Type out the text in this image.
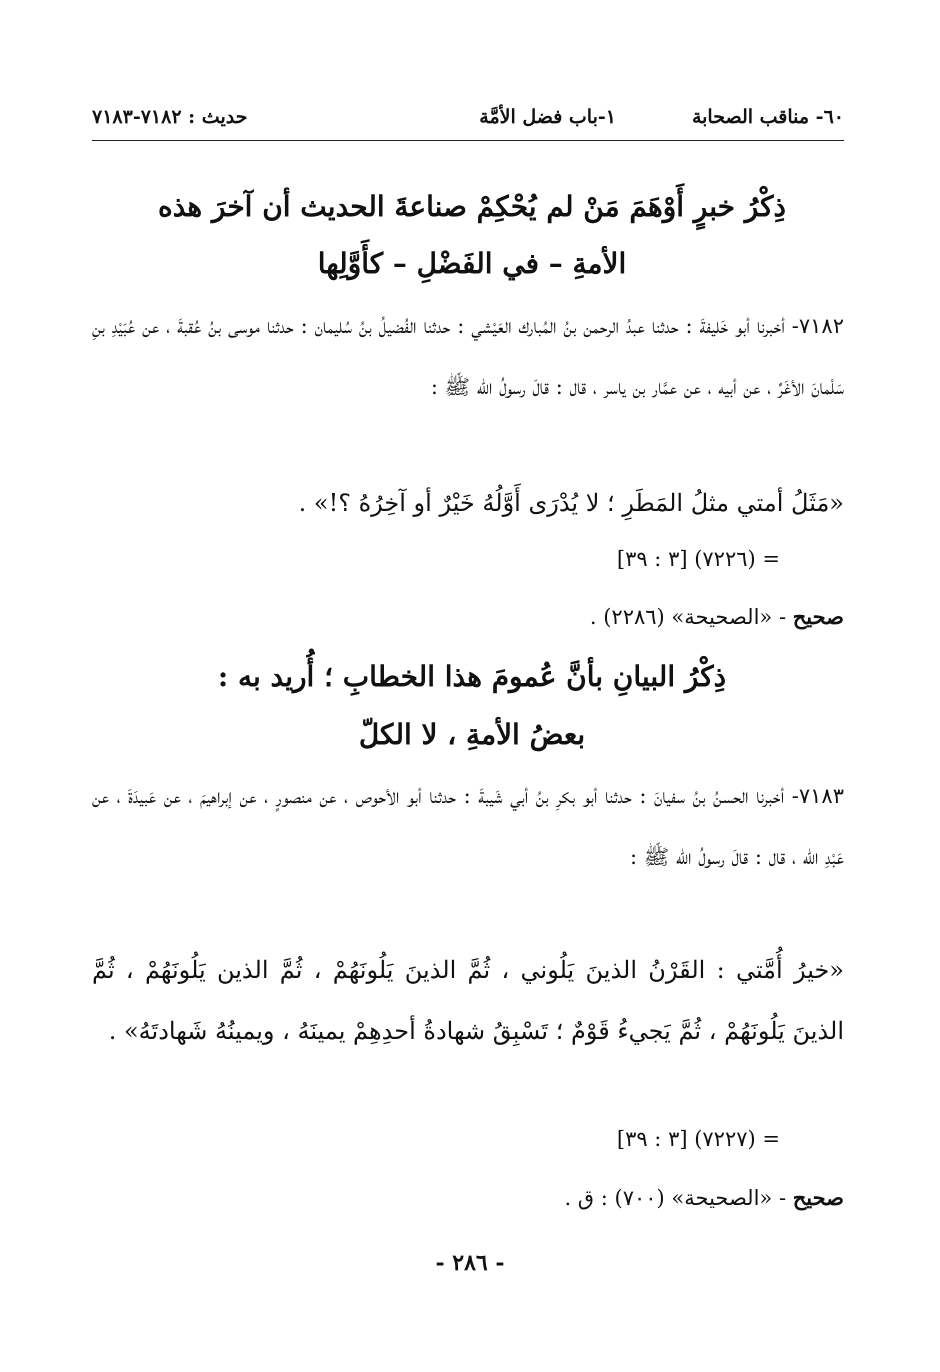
٦٠- مناقب الصحابة
١-باب فضل الأمَّة
حديث : ٧١٨٢-٧١٨٣
ذِكْرُ خبرٍ أَوْهَمَ مَنْ لم يُحْكِمْ صناعةَ الحديث أن آخرَ هذه
الأمةِ – في الفَضْلِ – كأَوَّلِها
٧١٨٢- أخبرنا أبو خَليفةَ : حدثنا عبدُ الرحمن بنُ المُبارك العَيْشي : حدثنا الفُضيلُ بنُ سُليمان : حدثنا موسى بنُ عُقبةَ ، عن عُبَيْدِ بنِ سَلْمانَ الأغَرِّ ، عن أبيه ، عن عمَّار بن ياسر ، قال : قالَ رسولُ اللّه ﷺ :
«مَثَلُ أمتي مثلُ المَطَرِ ؛ لا يُدْرَى أَوَّلُهُ خَيْرٌ أو آخِرُهُ ؟!» .
= (٧٢٢٦) [٣ : ٣٩]
صحيح - «الصحيحة» (٢٢٨٦) .
ذِكْرُ البيانِ بأنَّ عُمومَ هذا الخطابِ ؛ أُريد به :
بعضُ الأمةِ ، لا الكلّ
٧١٨٣- أخبرنا الحسنُ بنُ سفيانَ : حدثنا أبو بكرِ بنُ أبي شَيبةَ : حدثنا أبو الأحوص ، عن منصورٍ ، عن إبراهيمَ ، عن عَبيدَةَ ، عن عَبْدِ اللّه ، قال : قالَ رسولُ اللّه ﷺ :
«خيرُ أُمَّتي : القَرْنُ الذينَ يَلُوني ، ثُمَّ الذينَ يَلُونَهُمْ ، ثُمَّ الذين يَلُونَهُمْ ، ثُمَّ الذينَ يَلُونَهُمْ ، ثُمَّ يَجيءُ قَوْمٌ ؛ تَسْبِقُ شهادةُ أحدِهِمْ يمينَهُ ، ويمينُهُ شَهادتَهُ» .
= (٧٢٢٧) [٣ : ٣٩]
صحيح - «الصحيحة» (٧٠٠) : ق .
- ٢٨٦ -
